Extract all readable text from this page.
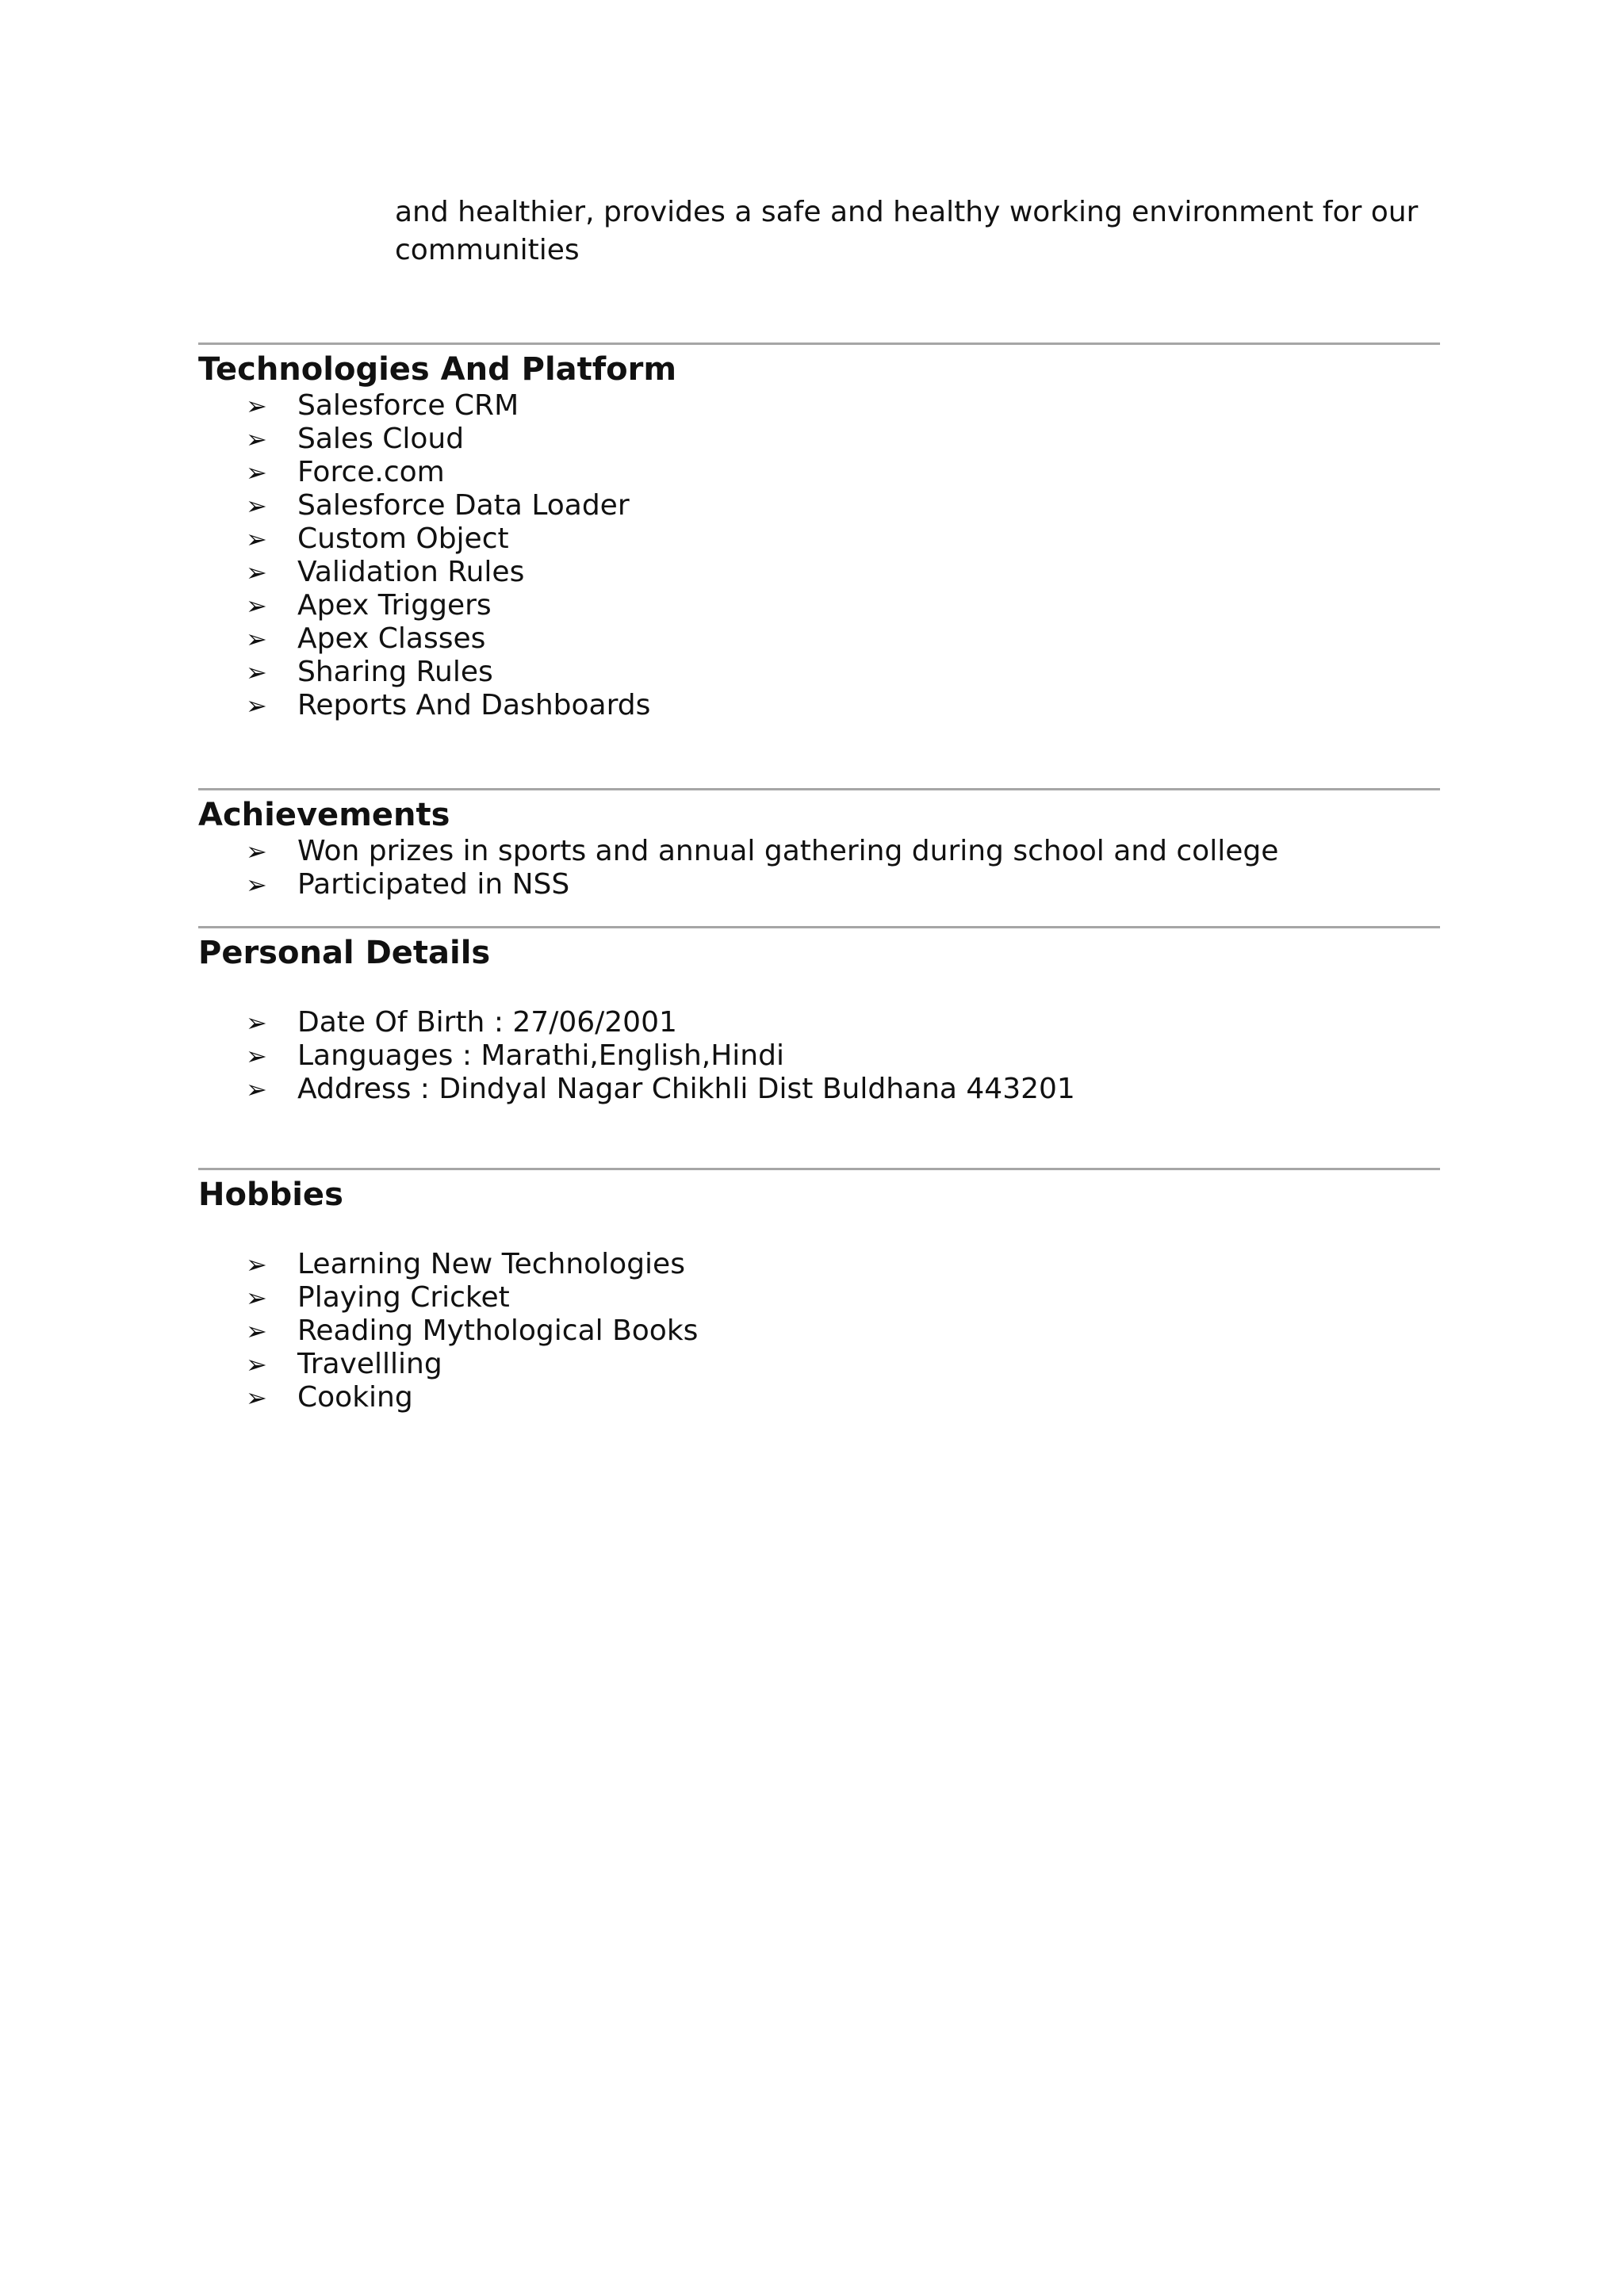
and healthier, provides a safe and healthy working environment for our

communities

Technologies And Platform
➢ Salesforce CRM
➢ Sales Cloud
➢ Force.com
➢ Salesforce Data Loader
➢ Custom Object
➢ Validation Rules
➢ Apex Triggers
➢ Apex Classes
➢ Sharing Rules
➢ Reports And Dashboards
Achievements
➢ Won prizes in sports and annual gathering during school and college
➢ Participated in NSS
Personal Details
➢ Date Of Birth : 27/06/2001
➢ Languages : Marathi,English,Hindi
➢ Address : Dindyal Nagar Chikhli Dist Buldhana 443201
Hobbies
➢ Learning New Technologies
➢ Playing Cricket
➢ Reading Mythological Books
➢ Travellling
➢ Cooking
